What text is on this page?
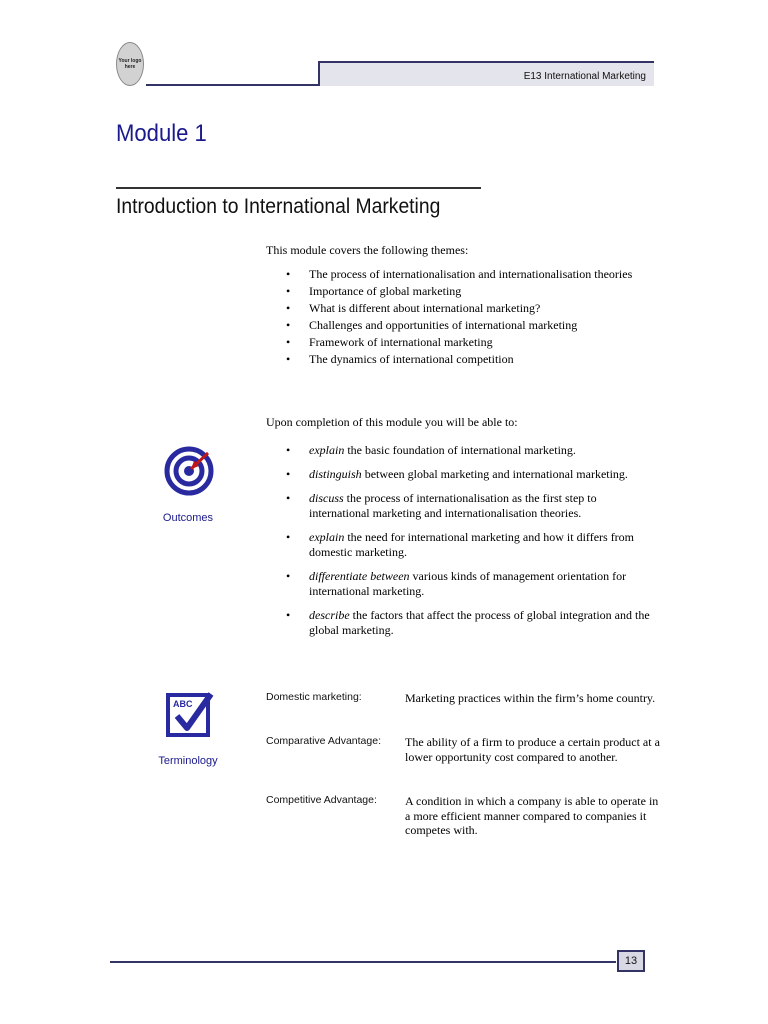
Your logo here
E13 International Marketing
Module 1
Introduction to International Marketing
This module covers the following themes:
• The process of internationalisation and internationalisation theories
• Importance of global marketing
• What is different about international marketing?
• Challenges and opportunities of international marketing
• Framework of international marketing
• The dynamics of international competition
Outcomes
Upon completion of this module you will be able to:
• explain the basic foundation of international marketing.
• distinguish between global marketing and international marketing.
• discuss the process of internationalisation as the first step to international marketing and internationalisation theories.
• explain the need for international marketing and how it differs from domestic marketing.
• differentiate between various kinds of management orientation for international marketing.
• describe the factors that affect the process of global integration and the global marketing.
ABC
Terminology
Domestic marketing:	Marketing practices within the firm’s home country.
Comparative Advantage: The ability of a firm to produce a certain product at a lower opportunity cost compared to another.
Competitive Advantage: A condition in which a company is able to operate in a more efficient manner compared to companies it competes with.
13
